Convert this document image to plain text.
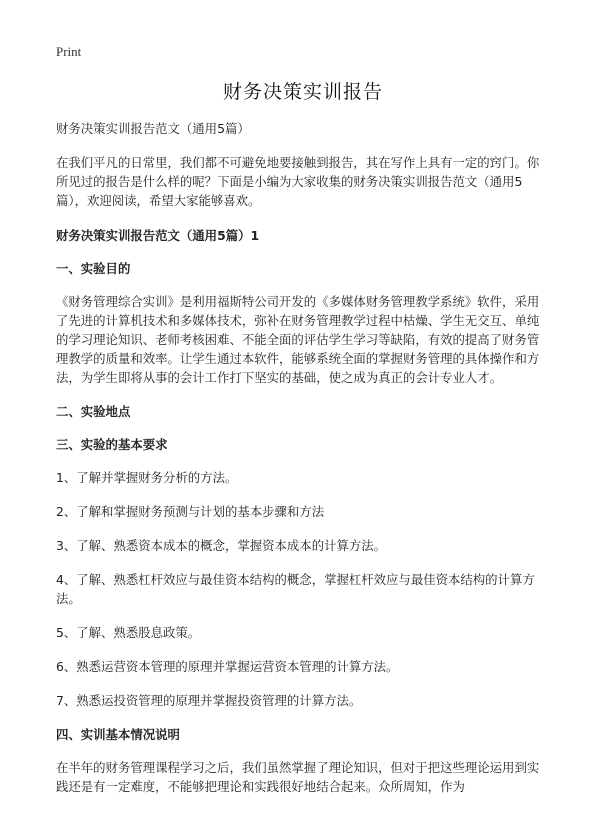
Print
财务决策实训报告

财务决策实训报告范文（通用5篇）

在我们平凡的日常里，我们都不可避免地要接触到报告，其在写作上具有一定的窍门。你所见过的报告是什么样的呢？下面是小编为大家收集的财务决策实训报告范文（通用5篇），欢迎阅读，希望大家能够喜欢。

财务决策实训报告范文（通用5篇）1

一、实验目的

《财务管理综合实训》是利用福斯特公司开发的《多媒体财务管理教学系统》软件，采用了先进的计算机技术和多媒体技术，弥补在财务管理教学过程中枯燥、学生无交互、单纯的学习理论知识、老师考核困难、不能全面的评估学生学习等缺陷，有效的提高了财务管理教学的质量和效率。让学生通过本软件，能够系统全面的掌握财务管理的具体操作和方法，为学生即将从事的会计工作打下坚实的基础，使之成为真正的会计专业人才。

二、实验地点

三、实验的基本要求

1、了解并掌握财务分析的方法。

2、了解和掌握财务预测与计划的基本步骤和方法

3、了解、熟悉资本成本的概念，掌握资本成本的计算方法。

4、了解、熟悉杠杆效应与最佳资本结构的概念，掌握杠杆效应与最佳资本结构的计算方法。

5、了解、熟悉股息政策。

6、熟悉运营资本管理的原理并掌握运营资本管理的计算方法。

7、熟悉运投资管理的原理并掌握投资管理的计算方法。

四、实训基本情况说明

在半年的财务管理课程学习之后，我们虽然掌握了理论知识，但对于把这些理论运用到实践还是有一定难度，不能够把理论和实践很好地结合起来。众所周知，作为
